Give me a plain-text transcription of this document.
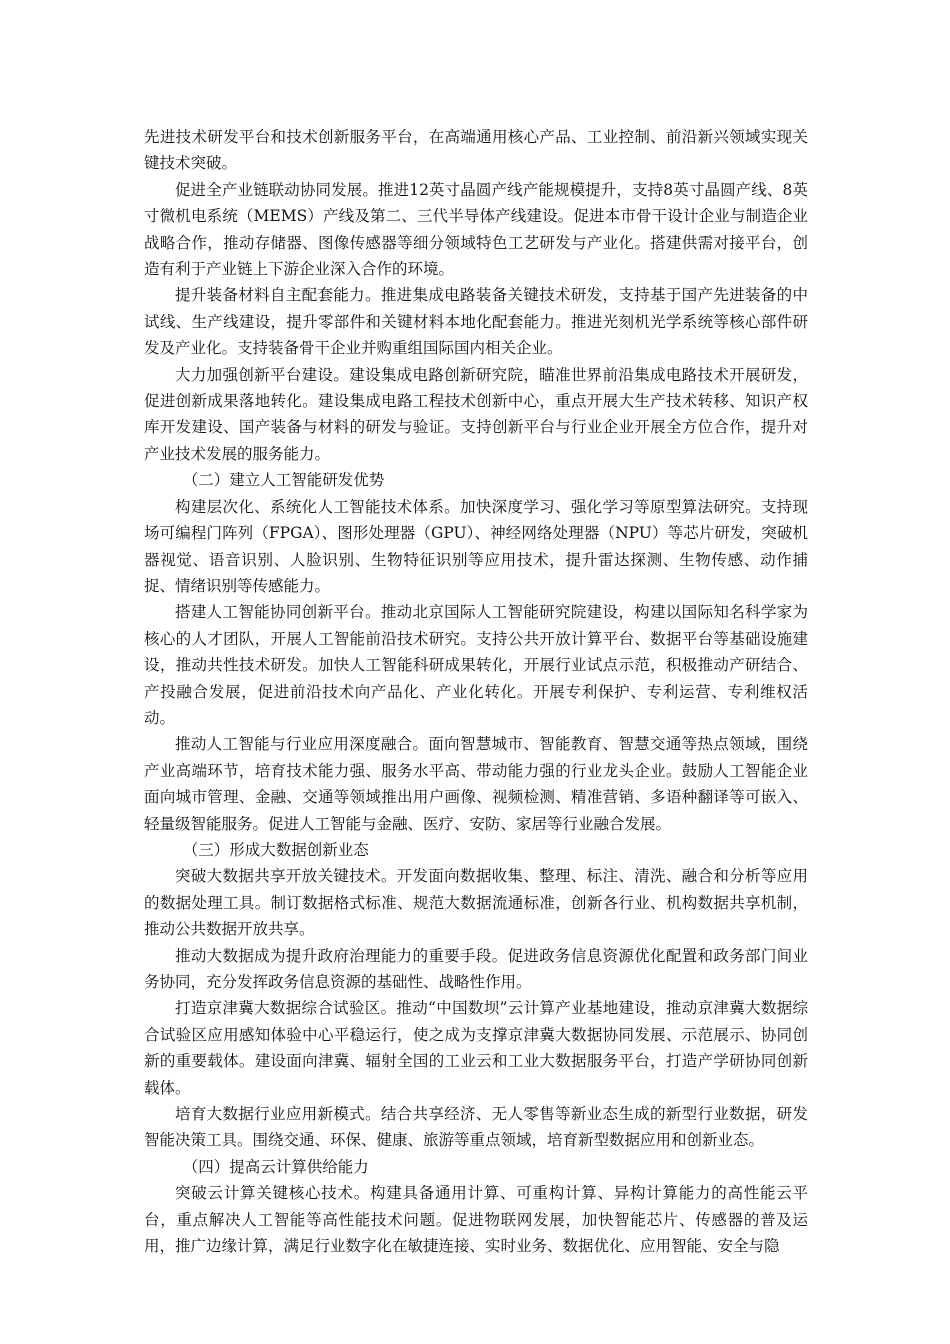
先进技术研发平台和技术创新服务平台，在高端通用核心产品、工业控制、前沿新兴领域实现关键技术突破。

促进全产业链联动协同发展。推进12英寸晶圆产线产能规模提升，支持8英寸晶圆产线、8英寸微机电系统（MEMS）产线及第二、三代半导体产线建设。促进本市骨干设计企业与制造企业战略合作，推动存储器、图像传感器等细分领域特色工艺研发与产业化。搭建供需对接平台，创造有利于产业链上下游企业深入合作的环境。

提升装备材料自主配套能力。推进集成电路装备关键技术研发，支持基于国产先进装备的中试线、生产线建设，提升零部件和关键材料本地化配套能力。推进光刻机光学系统等核心部件研发及产业化。支持装备骨干企业并购重组国际国内相关企业。

大力加强创新平台建设。建设集成电路创新研究院，瞄准世界前沿集成电路技术开展研发，促进创新成果落地转化。建设集成电路工程技术创新中心，重点开展大生产技术转移、知识产权库开发建设、国产装备与材料的研发与验证。支持创新平台与行业企业开展全方位合作，提升对产业技术发展的服务能力。

（二）建立人工智能研发优势

构建层次化、系统化人工智能技术体系。加快深度学习、强化学习等原型算法研究。支持现场可编程门阵列（FPGA）、图形处理器（GPU）、神经网络处理器（NPU）等芯片研发，突破机器视觉、语音识别、人脸识别、生物特征识别等应用技术，提升雷达探测、生物传感、动作捕捉、情绪识别等传感能力。

搭建人工智能协同创新平台。推动北京国际人工智能研究院建设，构建以国际知名科学家为核心的人才团队，开展人工智能前沿技术研究。支持公共开放计算平台、数据平台等基础设施建设，推动共性技术研发。加快人工智能科研成果转化，开展行业试点示范，积极推动产研结合、产投融合发展，促进前沿技术向产品化、产业化转化。开展专利保护、专利运营、专利维权活动。

推动人工智能与行业应用深度融合。面向智慧城市、智能教育、智慧交通等热点领域，围绕产业高端环节，培育技术能力强、服务水平高、带动能力强的行业龙头企业。鼓励人工智能企业面向城市管理、金融、交通等领域推出用户画像、视频检测、精准营销、多语种翻译等可嵌入、轻量级智能服务。促进人工智能与金融、医疗、安防、家居等行业融合发展。

（三）形成大数据创新业态

突破大数据共享开放关键技术。开发面向数据收集、整理、标注、清洗、融合和分析等应用的数据处理工具。制订数据格式标准、规范大数据流通标准，创新各行业、机构数据共享机制，推动公共数据开放共享。

推动大数据成为提升政府治理能力的重要手段。促进政务信息资源优化配置和政务部门间业务协同，充分发挥政务信息资源的基础性、战略性作用。

打造京津冀大数据综合试验区。推动“中国数坝”云计算产业基地建设，推动京津冀大数据综合试验区应用感知体验中心平稳运行，使之成为支撑京津冀大数据协同发展、示范展示、协同创新的重要载体。建设面向津冀、辐射全国的工业云和工业大数据服务平台，打造产学研协同创新载体。

培育大数据行业应用新模式。结合共享经济、无人零售等新业态生成的新型行业数据，研发智能决策工具。围绕交通、环保、健康、旅游等重点领域，培育新型数据应用和创新业态。

（四）提高云计算供给能力

突破云计算关键核心技术。构建具备通用计算、可重构计算、异构计算能力的高性能云平台，重点解决人工智能等高性能技术问题。促进物联网发展，加快智能芯片、传感器的普及运用，推广边缘计算，满足行业数字化在敏捷连接、实时业务、数据优化、应用智能、安全与隐
